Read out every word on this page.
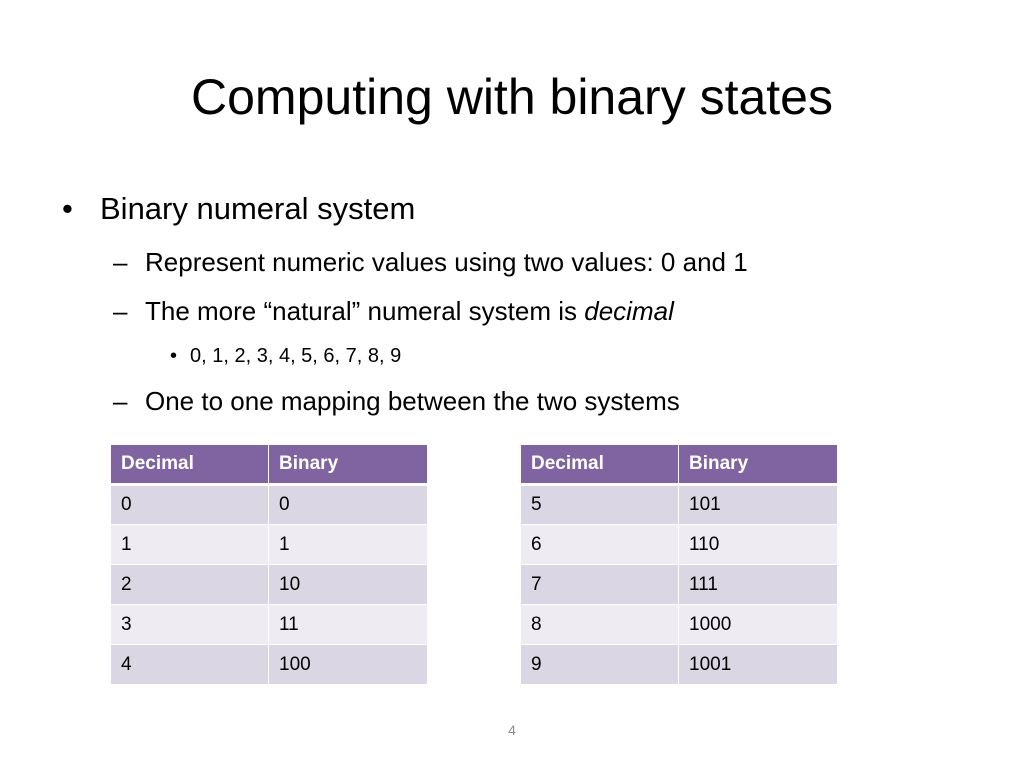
Computing with binary states
• Binary numeral system
– Represent numeric values using two values: 0 and 1
– The more “natural” numeral system is decimal
• 0, 1, 2, 3, 4, 5, 6, 7, 8, 9
– One to one mapping between the two systems
Decimal	Binary
0	0
1	1
2	10
3	11
4	100
Decimal	Binary
5	101
6	110
7	111
8	1000
9	1001
4
